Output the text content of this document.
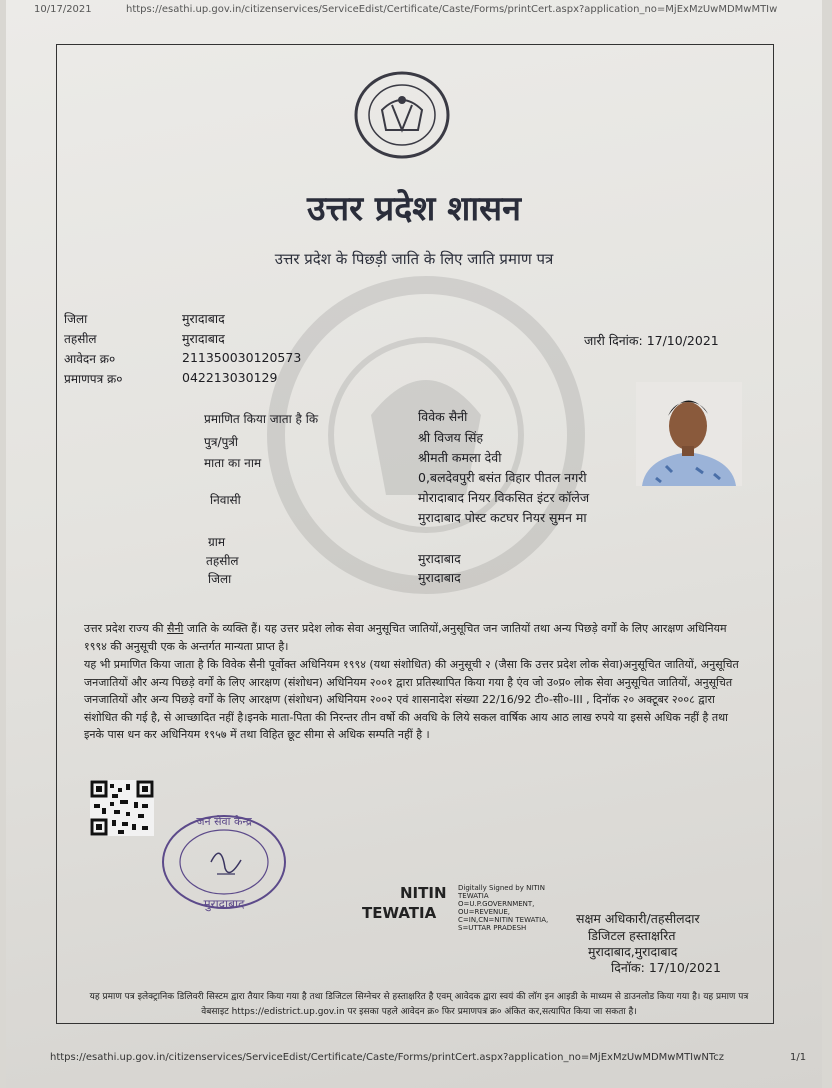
10/17/2021	https://esathi.up.gov.in/citizenservices/ServiceEdist/Certificate/Caste/Forms/printCert.aspx?application_no=MjExMzUwMDMwMTIw
उत्तर प्रदेश शासन
उत्तर प्रदेश के पिछड़ी जाति के लिए जाति प्रमाण पत्र
जिला	मुरादाबाद
तहसील	मुरादाबाद
आवेदन क्र०	211350030120573
प्रमाणपत्र क्र०	042213030129
जारी दिनांक: 17/10/2021
प्रमाणित किया जाता है कि	विवेक सैनी
पुत्र/पुत्री	श्री विजय सिंह
माता का नाम	श्रीमती कमला देवी
0,बलदेवपुरी बसंत विहार पीतल नगरी
निवासी	मोरादाबाद नियर विकसित इंटर कॉलेज
मुरादाबाद पोस्ट कटघर नियर सुमन मा
ग्राम
तहसील	मुरादाबाद
जिला	मुरादाबाद
उत्तर प्रदेश राज्य की सैनी जाति के व्यक्ति हैं। यह उत्तर प्रदेश लोक सेवा अनुसूचित जातियों,अनुसूचित जन जातियों तथा अन्य पिछड़े वर्गों के लिए आरक्षण अधिनियम १९९४ की अनुसूची एक के अन्तर्गत मान्यता प्राप्त है।
यह भी प्रमाणित किया जाता है कि विवेक सैनी पूर्वोक्त अधिनियम १९९४ (यथा संशोधित) की अनुसूची २ (जैसा कि उत्तर प्रदेश लोक सेवा)अनुसूचित जातियों, अनुसूचित जनजातियों और अन्य पिछड़े वर्गों के लिए आरक्षण (संशोधन) अधिनियम २००१ द्वारा प्रतिस्थापित किया गया है एंव जो उ०प्र० लोक सेवा अनुसूचित जातियों, अनुसूचित जनजातियों और अन्य पिछड़े वर्गों के लिए आरक्षण (संशोधन) अधिनियम २००२ एवं शासनादेश संख्या 22/16/92 टी०-सी०-III , दिनॉक २० अक्टूबर २००८ द्वारा संशोधित की गई है, से आच्छादित नहीं है।इनके माता-पिता की निरन्तर तीन वर्षो की अवधि के लिये सकल वार्षिक आय आठ लाख रुपये या इससे अधिक नहीं है तथा इनके पास धन कर अधिनियम १९५७ में तथा विहित छूट सीमा से अधिक सम्पति नहीं है ।
जन सेवा केन्द्र
मुरादाबाद
NITIN
TEWATIA
Digitally Signed by NITIN TEWATIA O=U.P.GOVERNMENT, OU=REVENUE, C=IN,CN=NITIN TEWATIA, S=UTTAR PRADESH
सक्षम अधिकारी/तहसीलदार
डिजिटल हस्ताक्षरित
मुरादाबाद,मुरादाबाद
दिनॉक: 17/10/2021
यह प्रमाण पत्र इलेक्ट्रानिक डिलिवरी सिस्टम द्वारा तैयार किया गया है तथा डिजिटल सिग्नेचर से हस्ताक्षरित है एवम् आवेदक द्वारा स्वयं की लॉग इन आइडी के माध्यम से डाउनलोड किया गया है। यह प्रमाण पत्र वेबसाइट https://edistrict.up.gov.in पर इसका पहले आवेदन क्र० फिर प्रमाणपत्र क्र० अंकित कर,सत्यापित किया जा सकता है।
https://esathi.up.gov.in/citizenservices/ServiceEdist/Certificate/Caste/Forms/printCert.aspx?application_no=MjExMzUwMDMwMTIwNTcz	1/1
